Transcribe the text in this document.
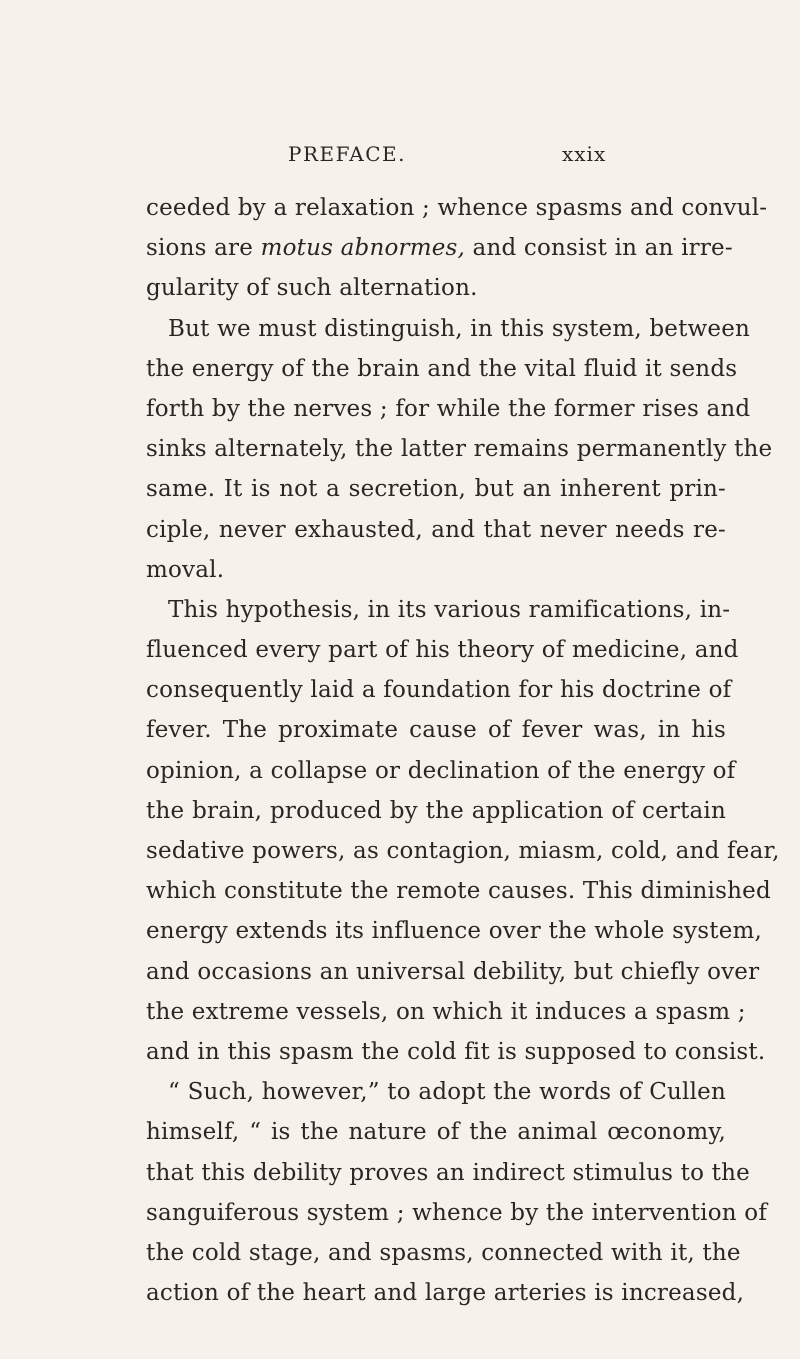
PREFACE.	xxix
ceeded by a relaxation ; whence spasms and convul-
sions are motus abnormes, and consist in an irre-
gularity of such alternation.
But we must distinguish, in this system, between
the energy of the brain and the vital fluid it sends
forth by the nerves ; for while the former rises and
sinks alternately, the latter remains permanently the
same. It is not a secretion, but an inherent prin-
ciple, never exhausted, and that never needs re-
moval.
This hypothesis, in its various ramifications, in-
fluenced every part of his theory of medicine, and
consequently laid a foundation for his doctrine of
fever. The proximate cause of fever was, in his
opinion, a collapse or declination of the energy of
the brain, produced by the application of certain
sedative powers, as contagion, miasm, cold, and fear,
which constitute the remote causes. This diminished
energy extends its influence over the whole system,
and occasions an universal debility, but chiefly over
the extreme vessels, on which it induces a spasm ;
and in this spasm the cold fit is supposed to consist.
“ Such, however,” to adopt the words of Cullen
himself, “ is the nature of the animal œconomy,
that this debility proves an indirect stimulus to the
sanguiferous system ; whence by the intervention of
the cold stage, and spasms, connected with it, the
action of the heart and large arteries is increased,
